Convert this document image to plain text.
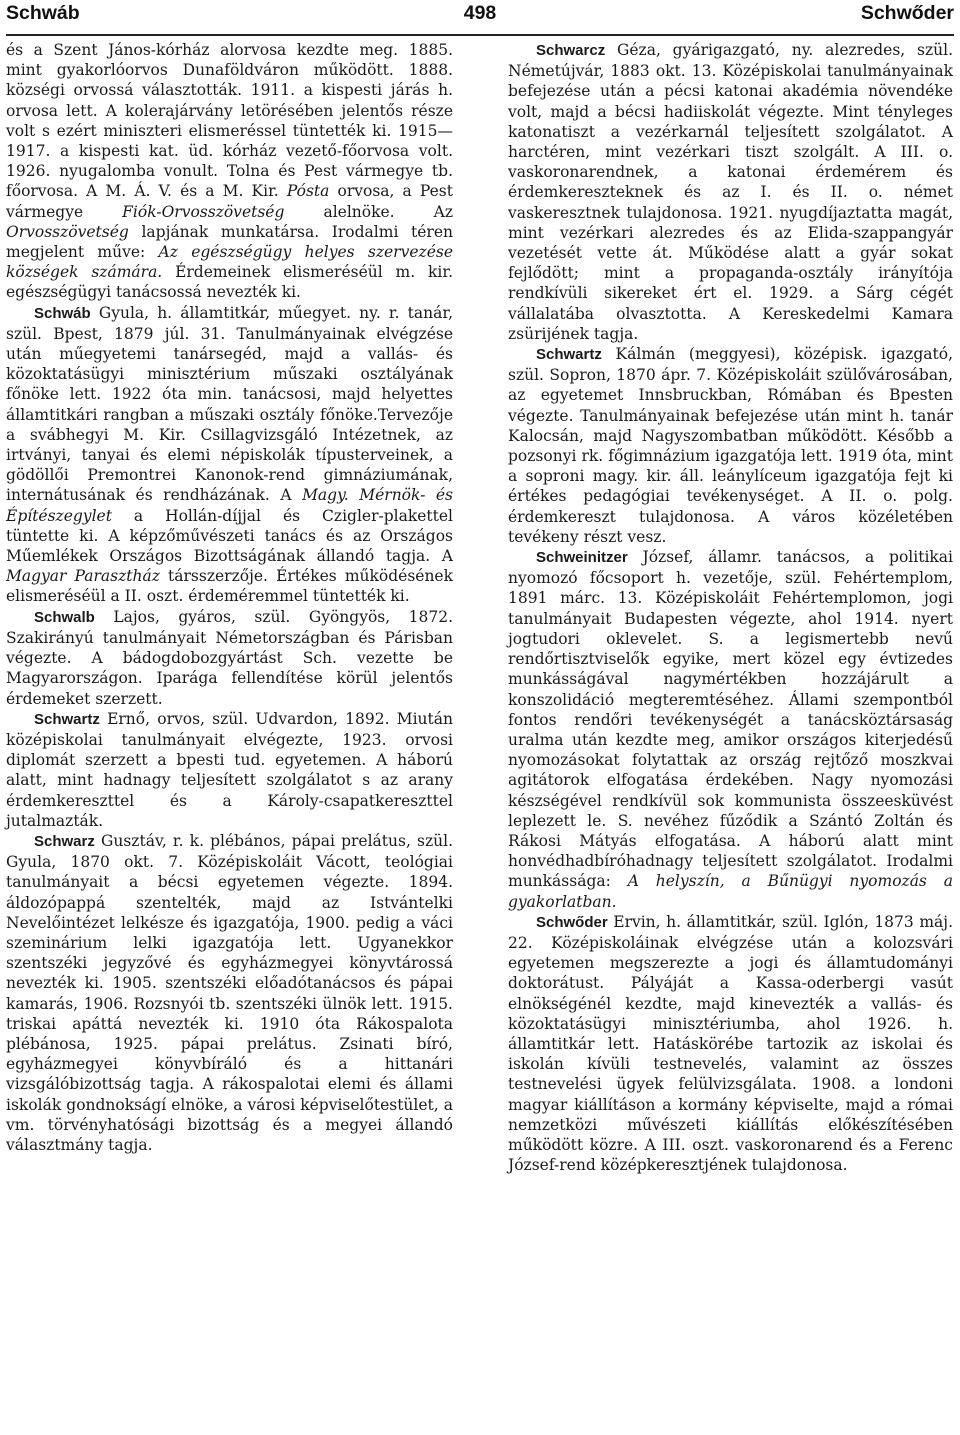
Schwáb	498	Schwőder

és a Szent János-kórház alorvosa kezdte meg. 1885. mint gyakorlóorvos Dunaföldváron működött. 1888. községi orvossá választották. 1911. a kispesti járás h. orvosa lett. A kolerajárvány letörésében jelentős része volt s ezért miniszteri elismeréssel tüntették ki. 1915—1917. a kispesti kat. üd. kórház vezető-főorvosa volt. 1926. nyugalomba vonult. Tolna és Pest vármegye tb. főorvosa. A M. Á. V. és a M. Kir. Pósta orvosa, a Pest vármegye Fiók-Orvosszövetség alelnöke. Az Orvosszövetség lapjának munkatársa. Irodalmi téren megjelent műve: Az egészségügy helyes szervezése községek számára. Érdemeinek elismeréséül m. kir. egészségügyi tanácsossá nevezték ki.

Schwáb Gyula, h. államtitkár, műegyet. ny. r. tanár, szül. Bpest, 1879 júl. 31. Tanulmányainak elvégzése után műegyetemi tanársegéd, majd a vallás- és közoktatásügyi minisztérium műszaki osztályának főnöke lett. 1922 óta min. tanácsosi, majd helyettes államtitkári rangban a műszaki osztály főnöke.Tervezője a svábhegyi M. Kir. Csillagvizsgáló Intézetnek, az irtványi, tanyai és elemi népiskolák típusterveinek, a gödöllői Premontrei Kanonok-rend gimnáziumának, internátusának és rendházának. A Magy. Mérnök- és Építészegylet a Hollán-díjjal és Czigler-plakettel tüntette ki. A képzőművészeti tanács és az Országos Műemlékek Országos Bizottságának állandó tagja. A Magyar Parasztház társszerzője. Értékes működésének elismeréséül a II. oszt. érdeméremmel tüntették ki.

Schwalb Lajos, gyáros, szül. Gyöngyös, 1872. Szakirányú tanulmányait Németországban és Párisban végezte. A bádogdobozgyártást Sch. vezette be Magyarországon. Iparága fellendítése körül jelentős érdemeket szerzett.

Schwartz Ernő, orvos, szül. Udvardon, 1892. Miután középiskolai tanulmányait elvégezte, 1923. orvosi diplomát szerzett a bpesti tud. egyetemen. A háború alatt, mint hadnagy teljesített szolgálatot s az arany érdemkereszttel és a Károly-csapatkereszttel jutalmazták.

Schwarz Gusztáv, r. k. plébános, pápai prelátus, szül. Gyula, 1870 okt. 7. Középiskoláit Vácott, teológiai tanulmányait a bécsi egyetemen végezte. 1894. áldozópappá szentelték, majd az Istvántelki Nevelőintézet lelkésze és igazgatója, 1900. pedig a váci szeminárium lelki igazgatója lett. Ugyanekkor szentszéki jegyzővé és egyházmegyei könyvtárossá nevezték ki. 1905. szentszéki előadótanácsos és pápai kamarás, 1906. Rozsnyói tb. szentszéki ülnök lett. 1915. triskai apáttá nevezték ki. 1910 óta Rákospalota plébánosa, 1925. pápai prelátus. Zsinati bíró, egyházmegyei könyvbíráló és a hittanári vizsgálóbizottság tagja. A rákospalotai elemi és állami iskolák gondnokságí elnöke, a városi képviselőtestület, a vm. törvényhatósági bizottság és a megyei állandó választmány tagja.

Schwarcz Géza, gyárigazgató, ny. alezredes, szül. Németújvár, 1883 okt. 13. Középiskolai tanulmányainak befejezése után a pécsi katonai akadémia növendéke volt, majd a bécsi hadiiskolát végezte. Mint tényleges katonatiszt a vezérkarnál teljesített szolgálatot. A harctéren, mint vezérkari tiszt szolgált. A III. o. vaskoronarendnek, a katonai érdemérem és érdemkereszteknek és az I. és II. o. német vaskeresztnek tulajdonosa. 1921. nyugdíjaztatta magát, mint vezérkari alezredes és az Elida-szappangyár vezetését vette át. Működése alatt a gyár sokat fejlődött; mint a propaganda-osztály irányítója rendkívüli sikereket ért el. 1929. a Sárg cégét vállalatába olvasztotta. A Kereskedelmi Kamara zsürijének tagja.

Schwartz Kálmán (meggyesi), középisk. igazgató, szül. Sopron, 1870 ápr. 7. Középiskoláit szülővárosában, az egyetemet Innsbruckban, Rómában és Bpesten végezte. Tanulmányainak befejezése után mint h. tanár Kalocsán, majd Nagyszombatban működött. Később a pozsonyi rk. főgimnázium igazgatója lett. 1919 óta, mint a soproni magy. kir. áll. leánylíceum igazgatója fejt ki értékes pedagógiai tevékenységet. A II. o. polg. érdemkereszt tulajdonosa. A város közéletében tevékeny részt vesz.

Schweinitzer József, államr. tanácsos, a politikai nyomozó főcsoport h. vezetője, szül. Fehértemplom, 1891 márc. 13. Középiskoláit Fehértemplomon, jogi tanulmányait Budapesten végezte, ahol 1914. nyert jogtudori oklevelet. S. a legismertebb nevű rendőrtisztviselők egyike, mert közel egy évtizedes munkásságával nagymértékben hozzájárult a konszolidáció megteremtéséhez. Állami szempontból fontos rendőri tevékenységét a tanácsköztársaság uralma után kezdte meg, amikor országos kiterjedésű nyomozásokat folytattak az ország rejtőző moszkvai agitátorok elfogatása érdekében. Nagy nyomozási készségével rendkívül sok kommunista összeesküvést leplezett le. S. nevéhez fűződik a Szántó Zoltán és Rákosi Mátyás elfogatása. A háború alatt mint honvédhadbíróhadnagy teljesített szolgálatot. Irodalmi munkássága: A helyszín, a Bűnügyi nyomozás a gyakorlatban.

Schwőder Ervin, h. államtitkár, szül. Iglón, 1873 máj. 22. Középiskoláinak elvégzése után a kolozsvári egyetemen megszerezte a jogi és államtudományi doktorátust. Pályáját a Kassa-oderbergi vasút elnökségénél kezdte, majd kinevezték a vallás- és közoktatásügyi minisztériumba, ahol 1926. h. államtitkár lett. Hatáskörébe tartozik az iskolai és iskolán kívüli testnevelés, valamint az összes testnevelési ügyek felülvizsgálata. 1908. a londoni magyar kiállításon a kormány képviselte, majd a római nemzetközi művészeti kiállítás előkészítésében működött közre. A III. oszt. vaskoronarend és a Ferenc József-rend középkeresztjének tulajdonosa.
